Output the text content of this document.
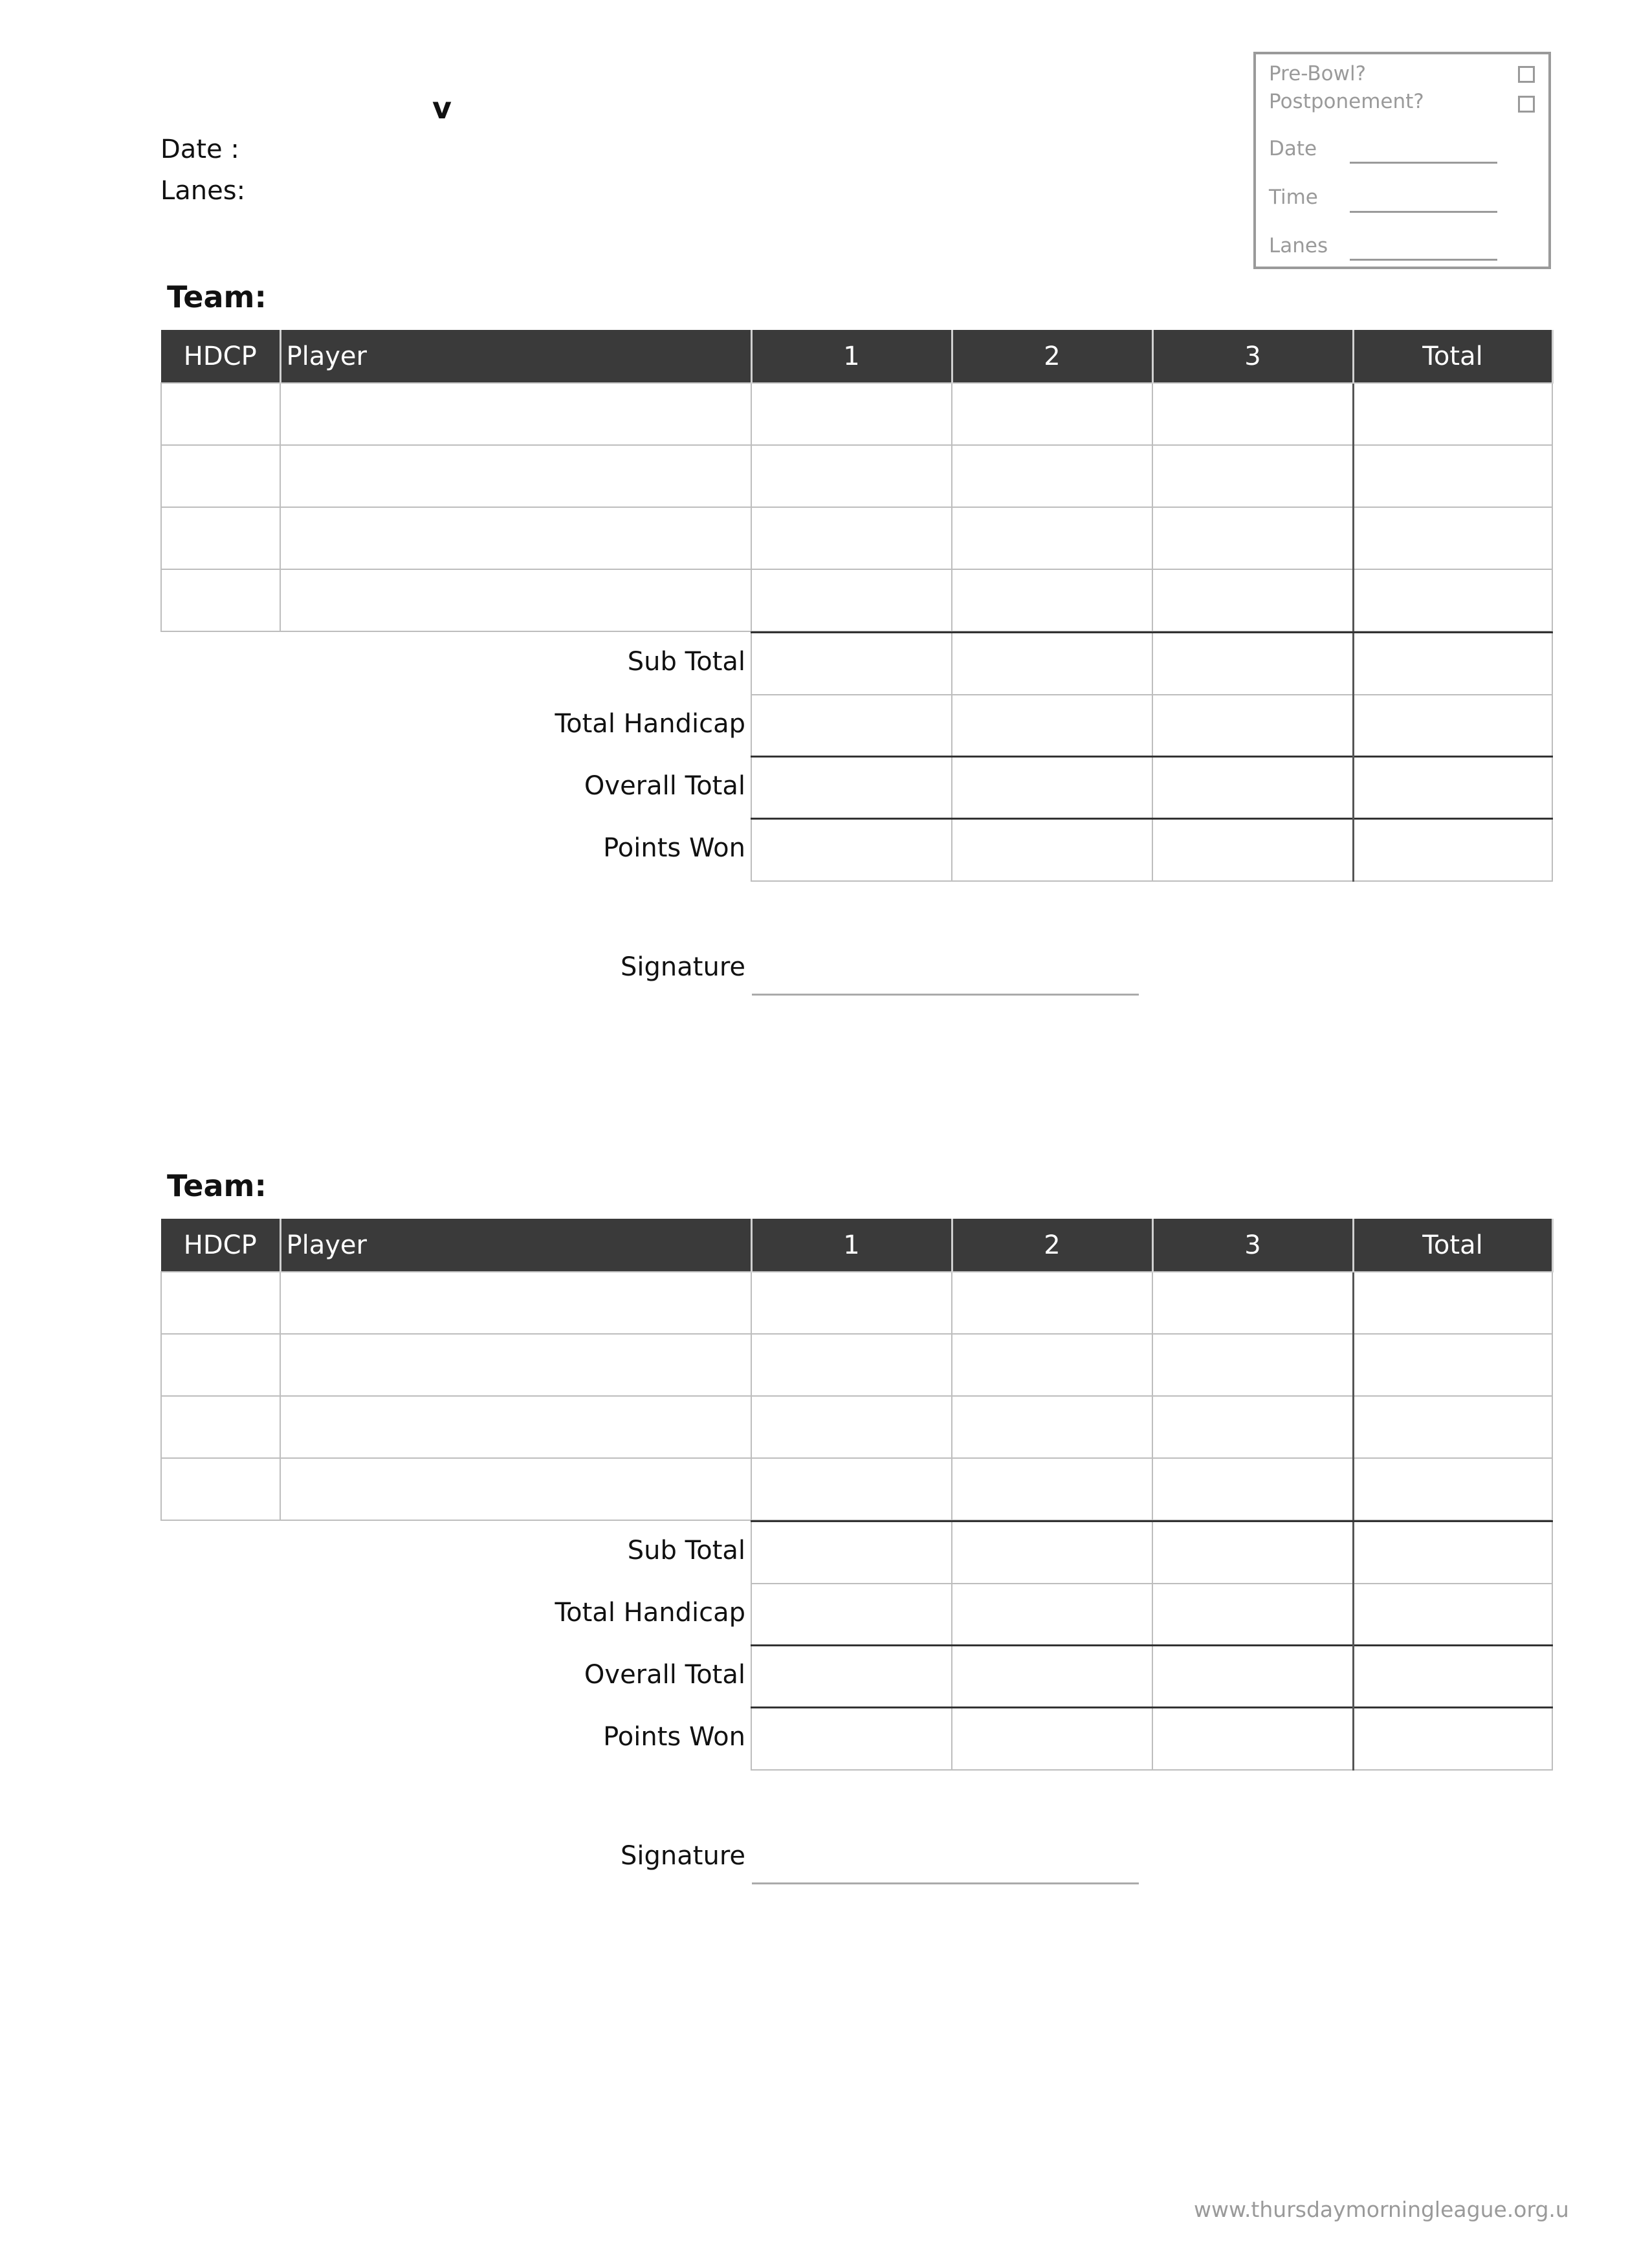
v
Date :
Lanes:
Pre-Bowl?
Postponement?
Date
Time
Lanes
Team:
HDCP	Player	1	2	3	Total

Sub Total
Total Handicap
Overall Total
Points Won
Signature
Team:
HDCP	Player	1	2	3	Total

Sub Total
Total Handicap
Overall Total
Points Won
Signature
www.thursdaymorningleague.org.u
